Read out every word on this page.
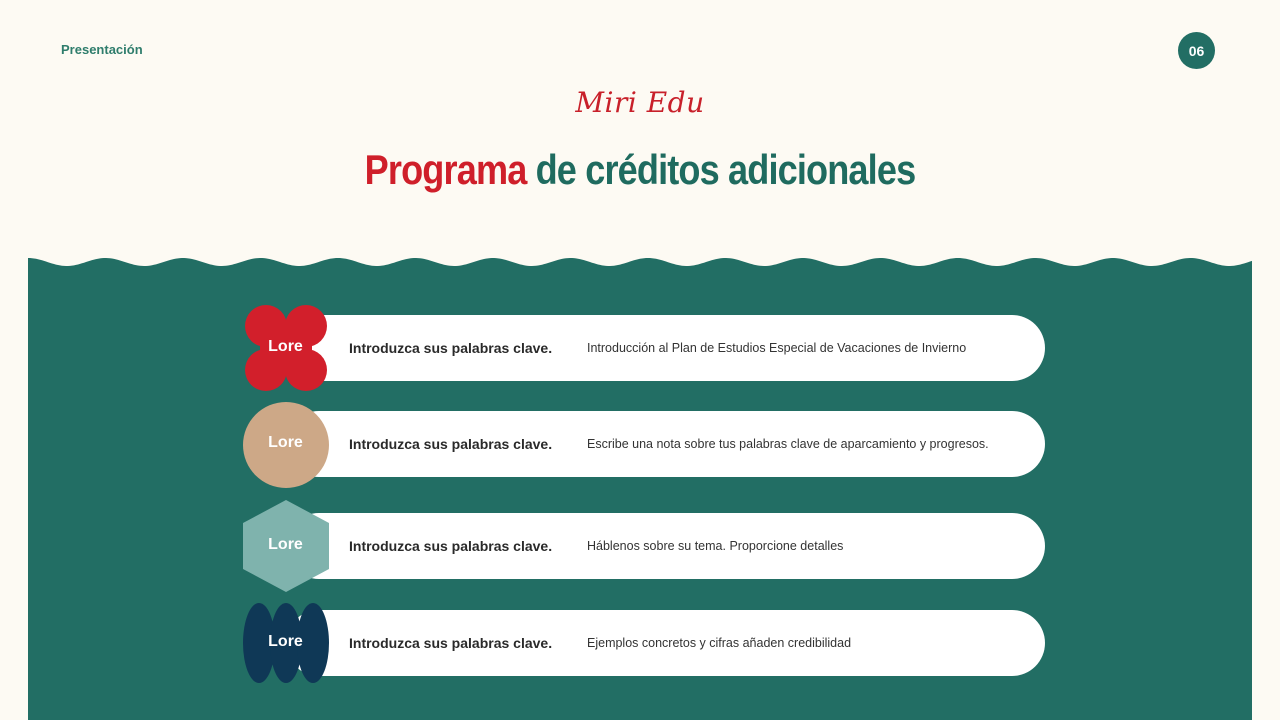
Presentación	06
Miri Edu
Programa de créditos adicionales
Lore	Introduzca sus palabras clave.	Introducción al Plan de Estudios Especial de Vacaciones de Invierno
Lore	Introduzca sus palabras clave.	Escribe una nota sobre tus palabras clave de aparcamiento y progresos.
Lore	Introduzca sus palabras clave.	Háblenos sobre su tema. Proporcione detalles
Lore	Introduzca sus palabras clave.	Ejemplos concretos y cifras añaden credibilidad
